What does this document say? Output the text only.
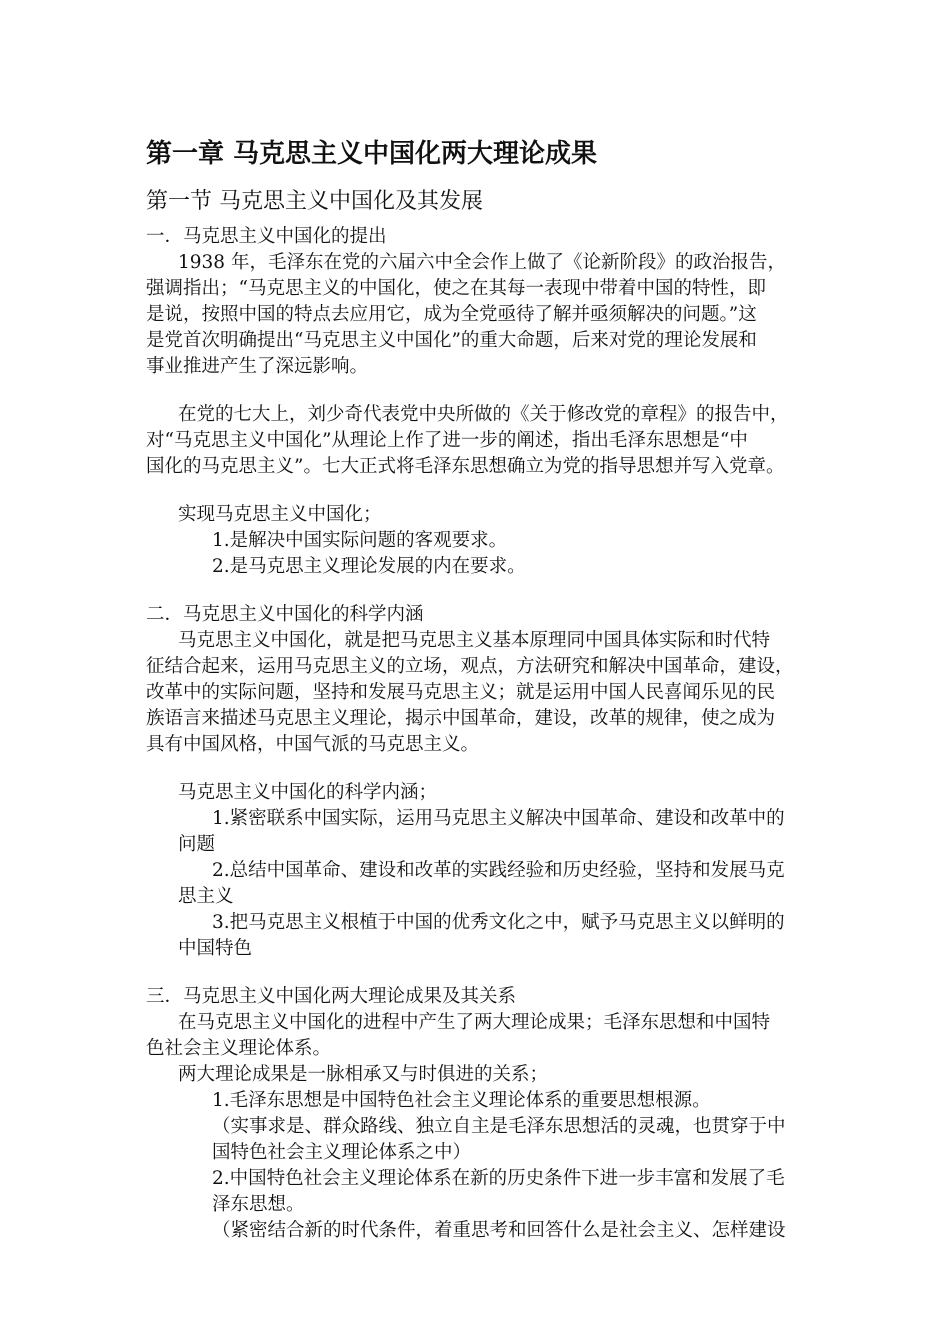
第一章 马克思主义中国化两大理论成果
第一节 马克思主义中国化及其发展
一．马克思主义中国化的提出
1938 年，毛泽东在党的六届六中全会作上做了《论新阶段》的政治报告，
强调指出；“马克思主义的中国化，使之在其每一表现中带着中国的特性，即
是说，按照中国的特点去应用它，成为全党亟待了解并亟须解决的问题。”这
是党首次明确提出“马克思主义中国化”的重大命题，后来对党的理论发展和
事业推进产生了深远影响。
在党的七大上，刘少奇代表党中央所做的《关于修改党的章程》的报告中，
对“马克思主义中国化”从理论上作了进一步的阐述，指出毛泽东思想是“中
国化的马克思主义”。七大正式将毛泽东思想确立为党的指导思想并写入党章。
实现马克思主义中国化；
1.是解决中国实际问题的客观要求。
2.是马克思主义理论发展的内在要求。
二．马克思主义中国化的科学内涵
马克思主义中国化，就是把马克思主义基本原理同中国具体实际和时代特
征结合起来，运用马克思主义的立场，观点，方法研究和解决中国革命，建设，
改革中的实际问题，坚持和发展马克思主义；就是运用中国人民喜闻乐见的民
族语言来描述马克思主义理论，揭示中国革命，建设，改革的规律，使之成为
具有中国风格，中国气派的马克思主义。
马克思主义中国化的科学内涵；
1.紧密联系中国实际，运用马克思主义解决中国革命、建设和改革中的
问题
2.总结中国革命、建设和改革的实践经验和历史经验，坚持和发展马克
思主义
3.把马克思主义根植于中国的优秀文化之中，赋予马克思主义以鲜明的
中国特色
三．马克思主义中国化两大理论成果及其关系
在马克思主义中国化的进程中产生了两大理论成果；毛泽东思想和中国特
色社会主义理论体系。
两大理论成果是一脉相承又与时俱进的关系；
1.毛泽东思想是中国特色社会主义理论体系的重要思想根源。
（实事求是、群众路线、独立自主是毛泽东思想活的灵魂，也贯穿于中
国特色社会主义理论体系之中）
2.中国特色社会主义理论体系在新的历史条件下进一步丰富和发展了毛
泽东思想。
（紧密结合新的时代条件，着重思考和回答什么是社会主义、怎样建设
